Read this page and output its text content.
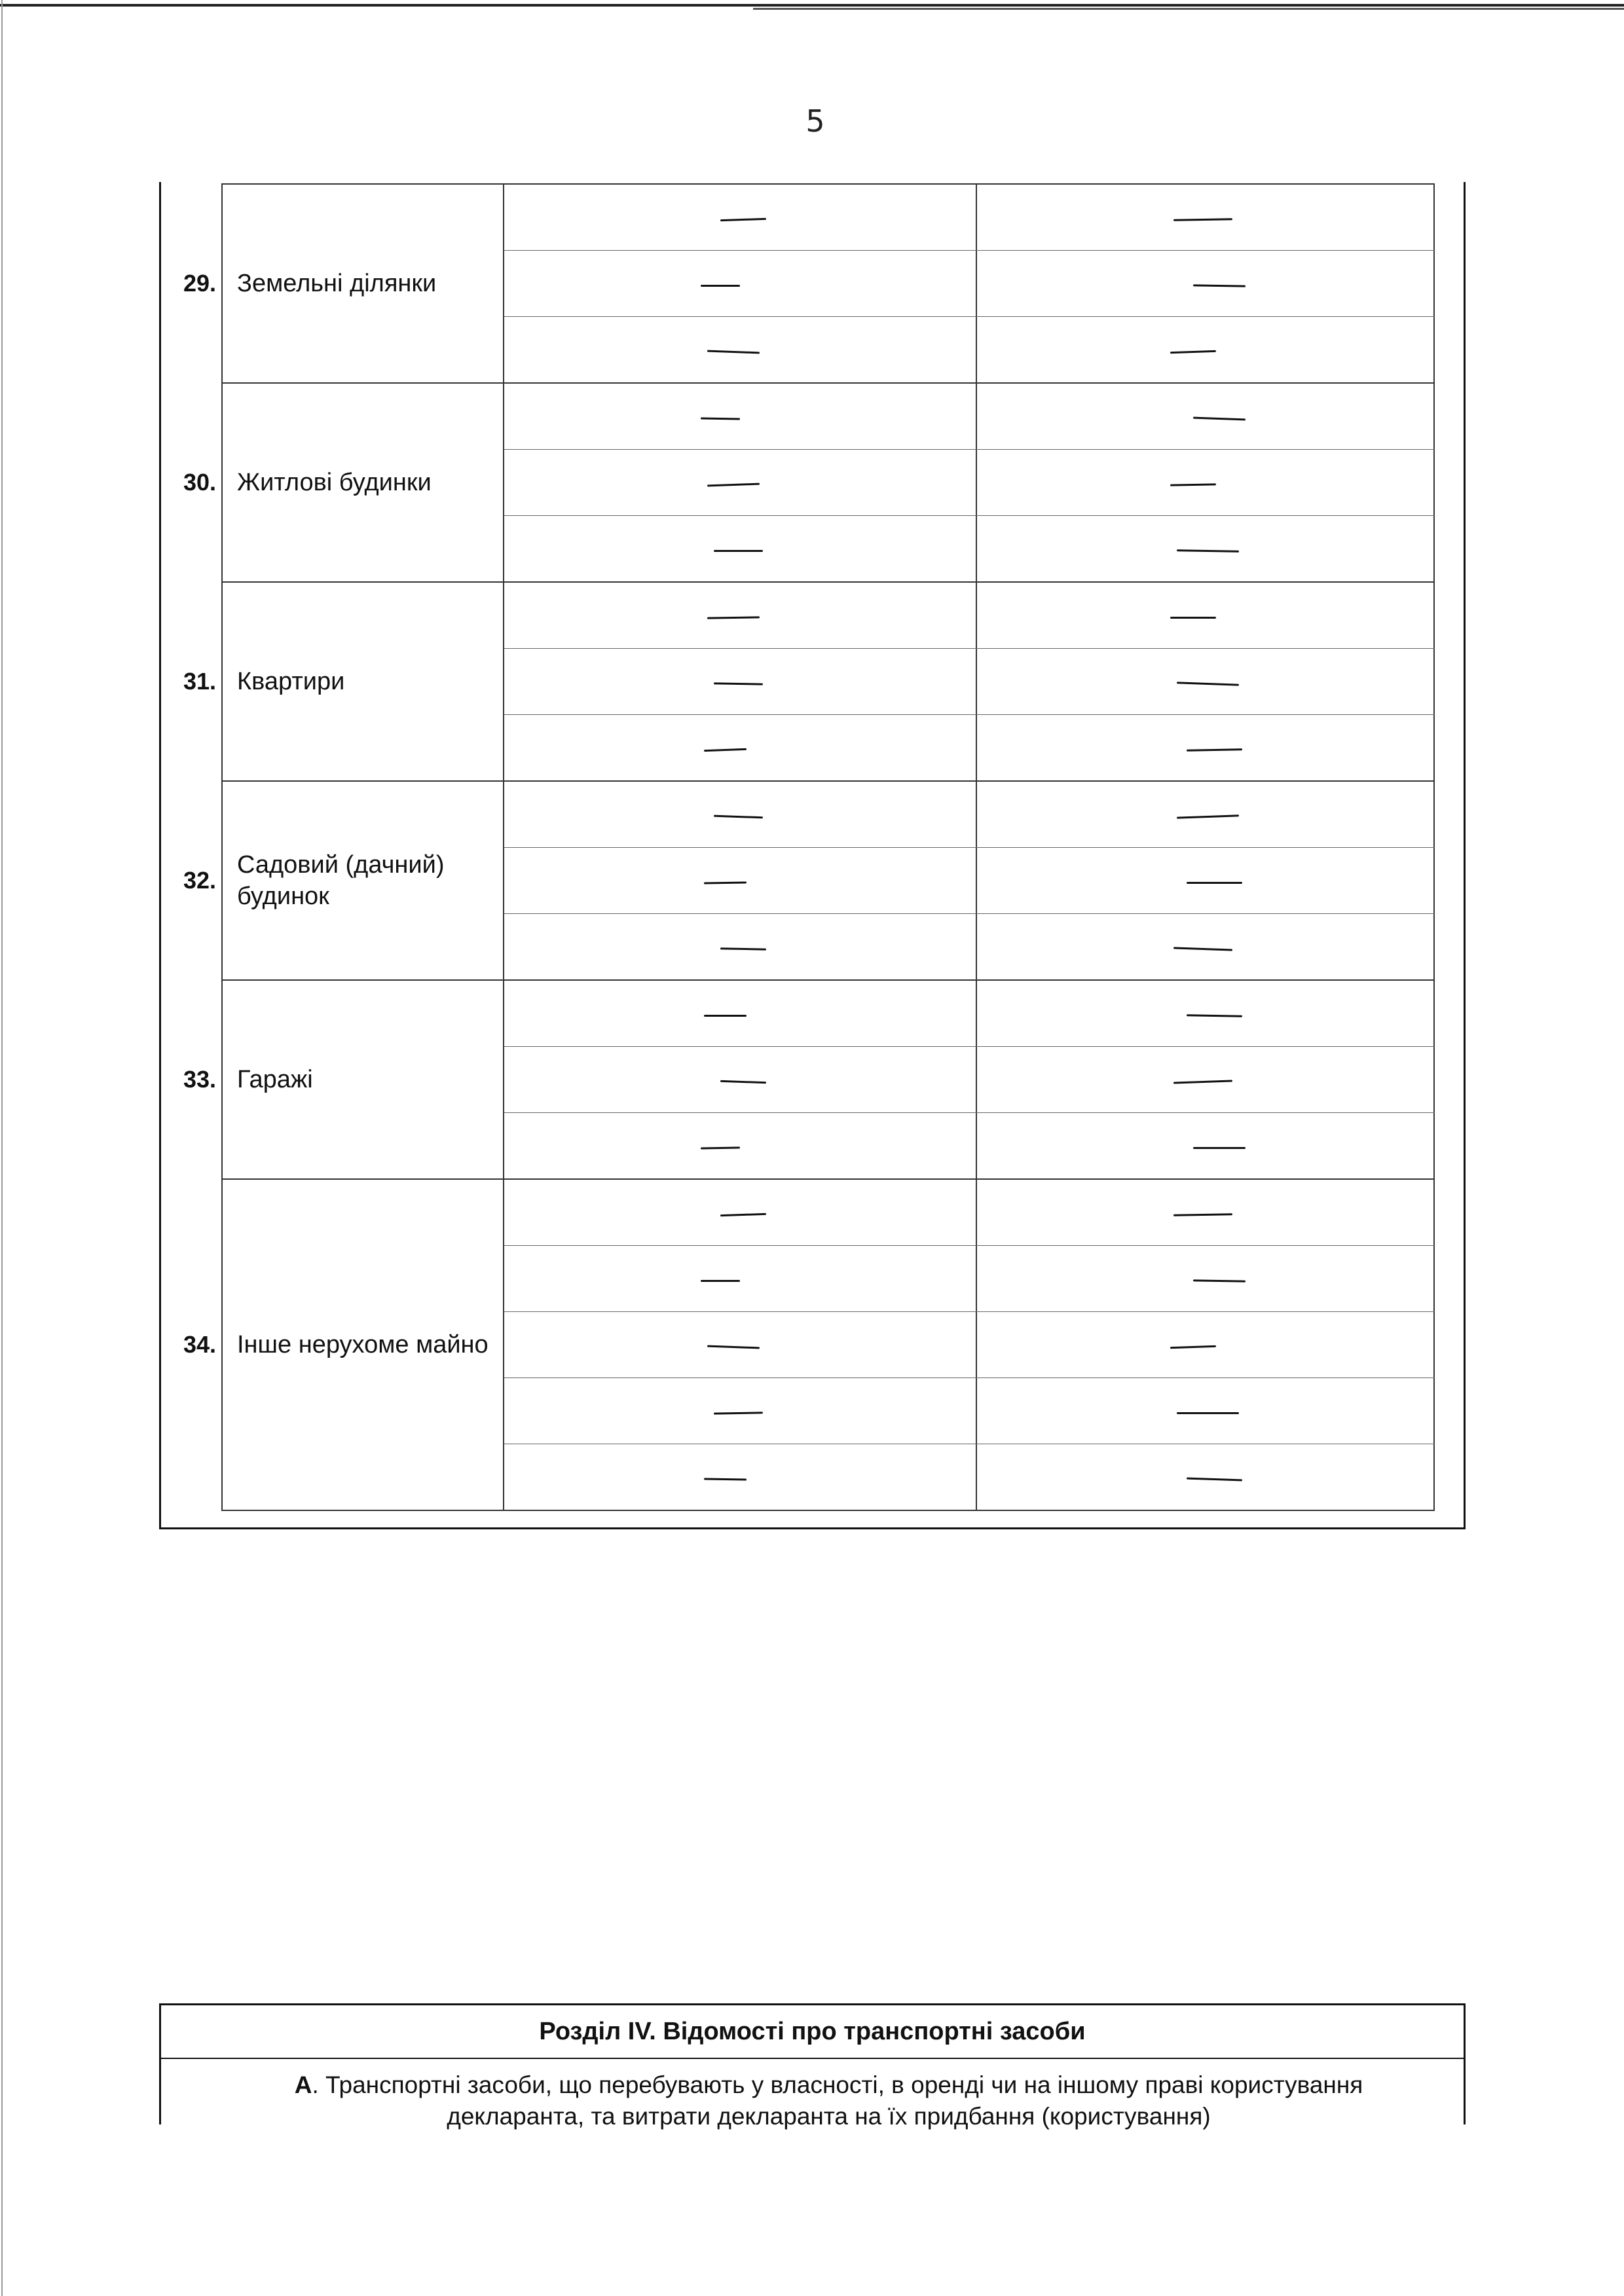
5
29. Земельні ділянки
30. Житлові будинки
31. Квартири
32.
Садовий (дачний) будинок
33. Гаражі
34. Інше нерухоме майно
Розділ IV. Відомості про транспортні засоби
А. Транспортні засоби, що перебувають у власності, в оренді чи на іншому праві користування декларанта, та витрати декларанта на їх придбання (користування)
